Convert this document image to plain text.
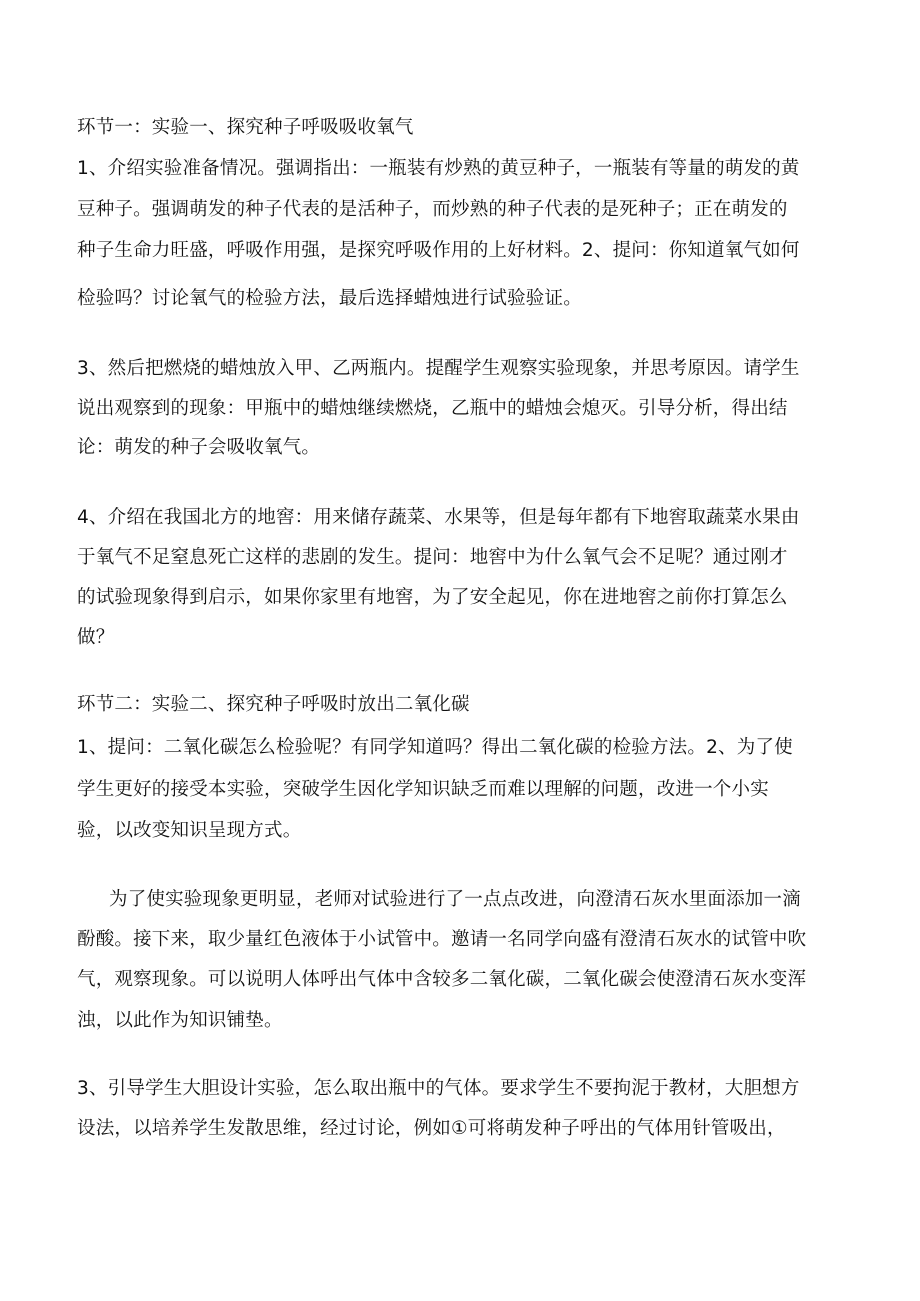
环节一：实验一、探究种子呼吸吸收氧气
1、介绍实验准备情况。强调指出：一瓶装有炒熟的黄豆种子，一瓶装有等量的萌发的黄
豆种子。强调萌发的种子代表的是活种子，而炒熟的种子代表的是死种子；正在萌发的
种子生命力旺盛，呼吸作用强，是探究呼吸作用的上好材料。2、提问：你知道氧气如何
检验吗？讨论氧气的检验方法，最后选择蜡烛进行试验验证。
3、然后把燃烧的蜡烛放入甲、乙两瓶内。提醒学生观察实验现象，并思考原因。请学生
说出观察到的现象：甲瓶中的蜡烛继续燃烧，乙瓶中的蜡烛会熄灭。引导分析，得出结
论：萌发的种子会吸收氧气。
4、介绍在我国北方的地窖：用来储存蔬菜、水果等，但是每年都有下地窖取蔬菜水果由
于氧气不足窒息死亡这样的悲剧的发生。提问：地窖中为什么氧气会不足呢？通过刚才
的试验现象得到启示，如果你家里有地窖，为了安全起见，你在进地窖之前你打算怎么
做？
环节二：实验二、探究种子呼吸时放出二氧化碳
1、提问：二氧化碳怎么检验呢？有同学知道吗？得出二氧化碳的检验方法。2、为了使
学生更好的接受本实验，突破学生因化学知识缺乏而难以理解的问题，改进一个小实
验，以改变知识呈现方式。
为了使实验现象更明显，老师对试验进行了一点点改进，向澄清石灰水里面添加一滴
酚酸。接下来，取少量红色液体于小试管中。邀请一名同学向盛有澄清石灰水的试管中吹
气，观察现象。可以说明人体呼出气体中含较多二氧化碳，二氧化碳会使澄清石灰水变浑
浊，以此作为知识铺垫。
3、引导学生大胆设计实验，怎么取出瓶中的气体。要求学生不要拘泥于教材，大胆想方
设法，以培养学生发散思维，经过讨论，例如①可将萌发种子呼出的气体用针管吸出，
